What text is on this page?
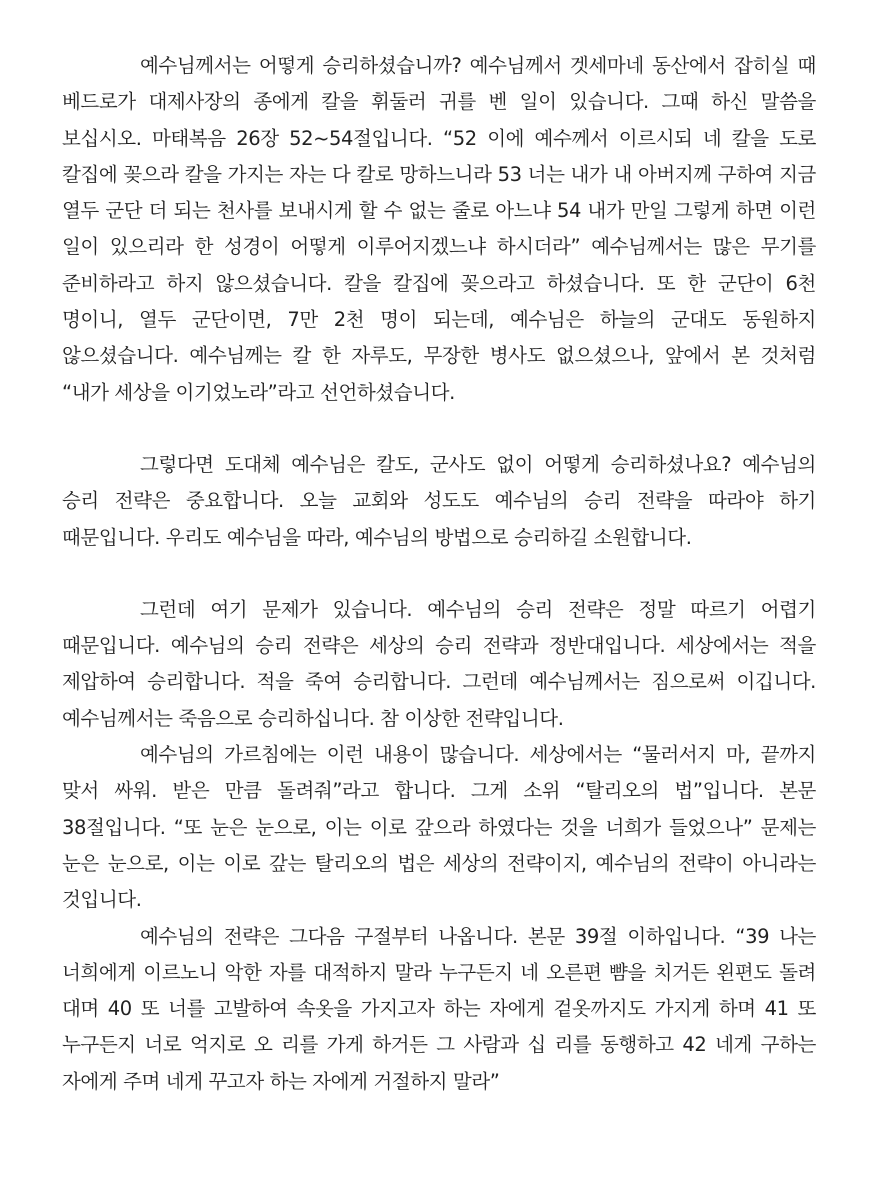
예수님께서는 어떻게 승리하셨습니까? 예수님께서 겟세마네 동산에서 잡히실 때 베드로가 대제사장의 종에게 칼을 휘둘러 귀를 벤 일이 있습니다. 그때 하신 말씀을 보십시오. 마태복음 26장 52~54절입니다. “52 이에 예수께서 이르시되 네 칼을 도로 칼집에 꽂으라 칼을 가지는 자는 다 칼로 망하느니라 53 너는 내가 내 아버지께 구하여 지금 열두 군단 더 되는 천사를 보내시게 할 수 없는 줄로 아느냐 54 내가 만일 그렇게 하면 이런 일이 있으리라 한 성경이 어떻게 이루어지겠느냐 하시더라” 예수님께서는 많은 무기를 준비하라고 하지 않으셨습니다. 칼을 칼집에 꽂으라고 하셨습니다. 또 한 군단이 6천 명이니, 열두 군단이면, 7만 2천 명이 되는데, 예수님은 하늘의 군대도 동원하지 않으셨습니다. 예수님께는 칼 한 자루도, 무장한 병사도 없으셨으나, 앞에서 본 것처럼 “내가 세상을 이기었노라”라고 선언하셨습니다.

그렇다면 도대체 예수님은 칼도, 군사도 없이 어떻게 승리하셨나요? 예수님의 승리 전략은 중요합니다. 오늘 교회와 성도도 예수님의 승리 전략을 따라야 하기 때문입니다. 우리도 예수님을 따라, 예수님의 방법으로 승리하길 소원합니다.

그런데 여기 문제가 있습니다. 예수님의 승리 전략은 정말 따르기 어렵기 때문입니다. 예수님의 승리 전략은 세상의 승리 전략과 정반대입니다. 세상에서는 적을 제압하여 승리합니다. 적을 죽여 승리합니다. 그런데 예수님께서는 짐으로써 이깁니다. 예수님께서는 죽음으로 승리하십니다. 참 이상한 전략입니다.

예수님의 가르침에는 이런 내용이 많습니다. 세상에서는 “물러서지 마, 끝까지 맞서 싸워. 받은 만큼 돌려줘”라고 합니다. 그게 소위 “탈리오의 법”입니다. 본문 38절입니다. “또 눈은 눈으로, 이는 이로 갚으라 하였다는 것을 너희가 들었으나” 문제는 눈은 눈으로, 이는 이로 갚는 탈리오의 법은 세상의 전략이지, 예수님의 전략이 아니라는 것입니다.

예수님의 전략은 그다음 구절부터 나옵니다. 본문 39절 이하입니다. “39 나는 너희에게 이르노니 악한 자를 대적하지 말라 누구든지 네 오른편 뺨을 치거든 왼편도 돌려 대며 40 또 너를 고발하여 속옷을 가지고자 하는 자에게 겉옷까지도 가지게 하며 41 또 누구든지 너로 억지로 오 리를 가게 하거든 그 사람과 십 리를 동행하고 42 네게 구하는 자에게 주며 네게 꾸고자 하는 자에게 거절하지 말라”
